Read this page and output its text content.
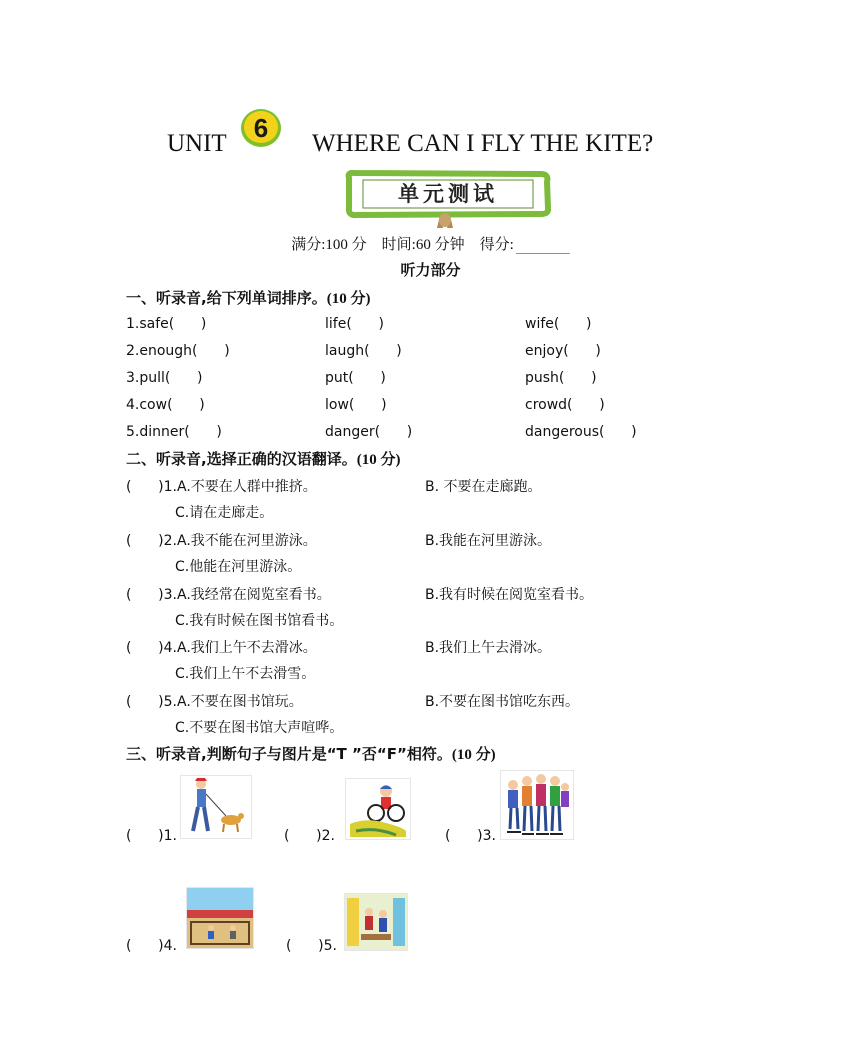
UNIT
6
WHERE CAN I FLY THE KITE?
单元测试
满分:100 分 时间:60 分钟 得分:
听力部分
一、听录音,给下列单词排序。(10 分)
1.safe(      )	life(      )	wife(      )
2.enough(      )	laugh(      )	enjoy(      )
3.pull(      )	put(      )	push(      )
4.cow(      )	low(      )	crowd(      )
5.dinner(      )	danger(      )	dangerous(      )
二、听录音,选择正确的汉语翻译。(10 分)
(      )1.A.不要在人群中推挤。	B. 不要在走廊跑。
C.请在走廊走。
(      )2.A.我不能在河里游泳。	B.我能在河里游泳。
C.他能在河里游泳。
(      )3.A.我经常在阅览室看书。	B.我有时候在阅览室看书。
C.我有时候在图书馆看书。
(      )4.A.我们上午不去滑冰。	B.我们上午去滑冰。
C.我们上午不去滑雪。
(      )5.A.不要在图书馆玩。	B.不要在图书馆吃东西。
C.不要在图书馆大声喧哗。
三、听录音,判断句子与图片是“T ”否“F”相符。(10 分)
(      )1.	(      )2.	(      )3.
(      )4.	(      )5.
